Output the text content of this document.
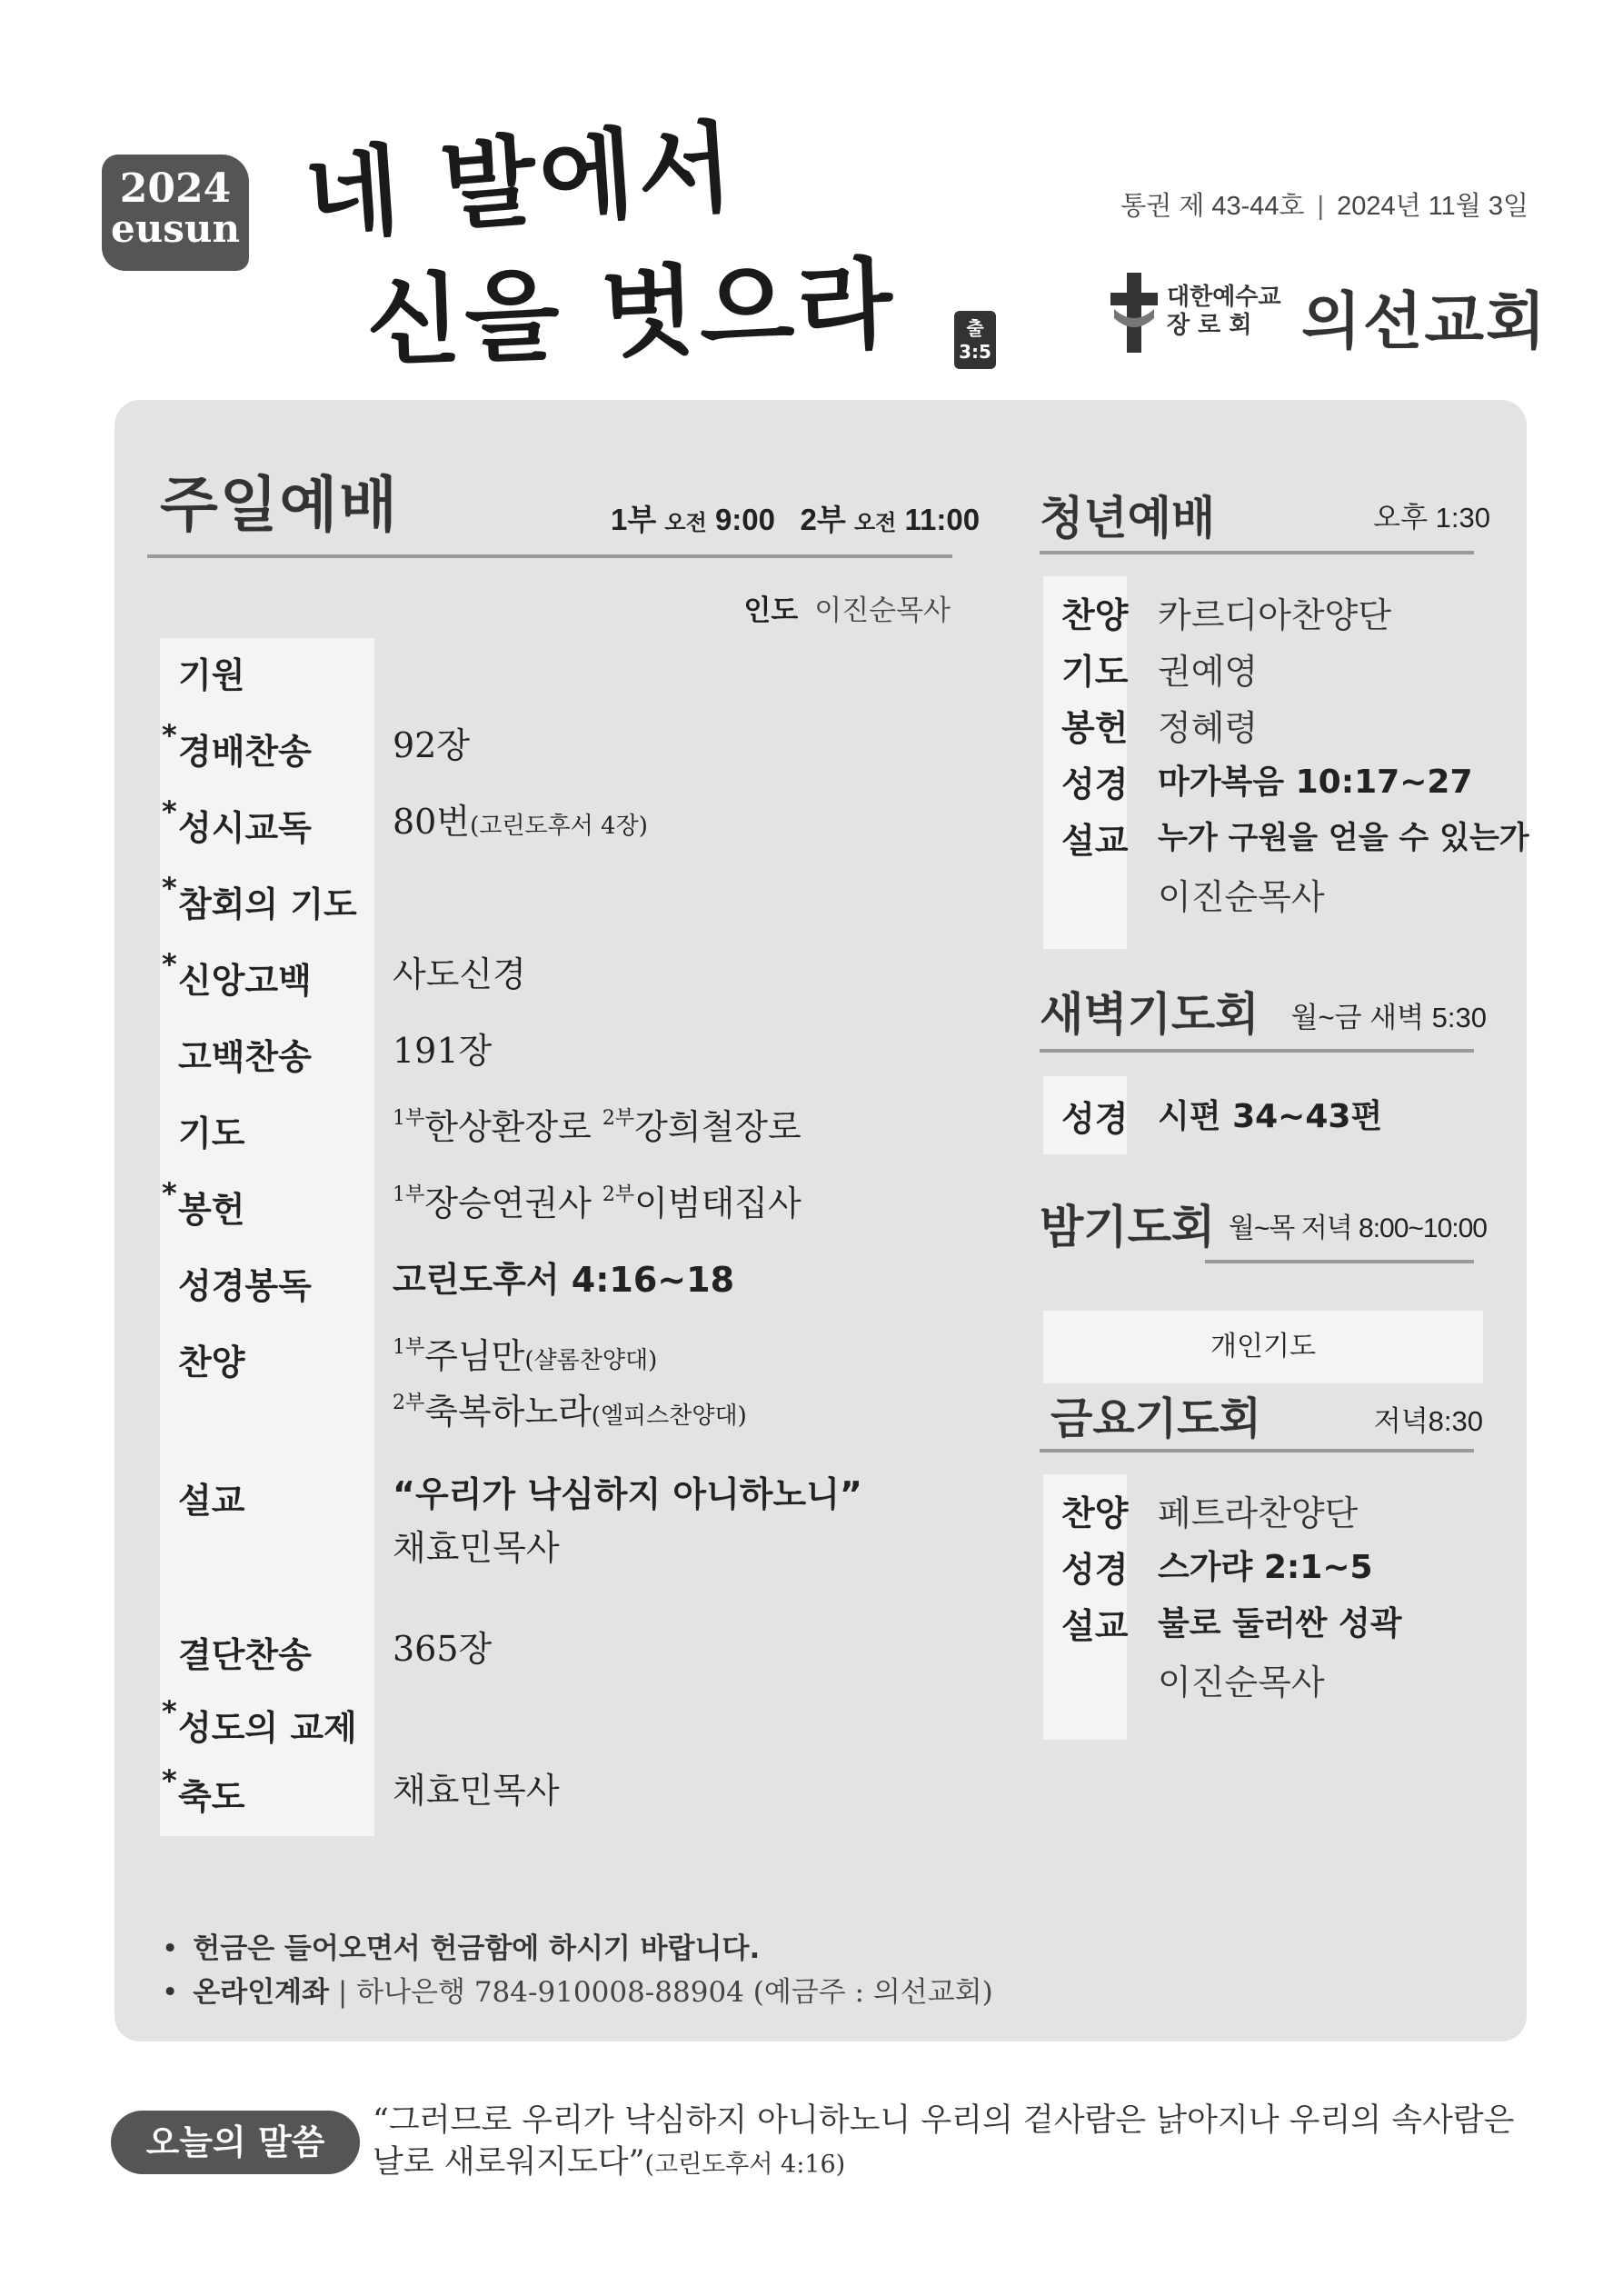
2024
eusun 네 발에서
신을 벗으라	출 3:5
통권 제 43-44호 | 2024년 11월 3일
대한예수교
장 로 회 의선교회
주일예배	1부 오전 9:00 2부 오전 11:00
인도 이진순목사
기원
* 경배찬송	92장
* 성시교독	80번(고린도후서 4장)
* 참회의 기도
* 신앙고백	사도신경
고백찬송	191장
기도	$^{1부}$한상환장로 $^{2부}$강희철장로
* 봉헌	$^{1부}$장승연권사 $^{2부}$이범태집사
성경봉독	고린도후서 4:16~18
찬양	$^{1부}$주님만(샬롬찬양대)
$^{2부}$축복하노라(엘피스찬양대)
설교	“우리가 낙심하지 아니하노니”
채효민목사
결단찬송	365장
* 성도의 교제
* 축도	채효민목사
• 헌금은 들어오면서 헌금함에 하시기 바랍니다.
• 온라인계좌 | 하나은행 784-910008-88904 (예금주 : 의선교회)
청년예배	오후 1:30
찬양 카르디아찬양단
기도 권예영
봉헌 정혜령
성경 마가복음 10:17~27
설교 누가 구원을 얻을 수 있는가
이진순목사
새벽기도회 월~금 새벽 5:30
성경 시편 34~43편
밤기도회 월~목 저녁 8:00~10:00
개인기도
금요기도회	저녁8:30
찬양 페트라찬양단
성경 스가랴 2:1~5
설교 불로 둘러싼 성곽
이진순목사
오늘의 말씀
“그러므로 우리가 낙심하지 아니하노니 우리의 겉사람은 낡아지나 우리의 속사람은 날로 새로워지도다”(고린도후서 4:16)
